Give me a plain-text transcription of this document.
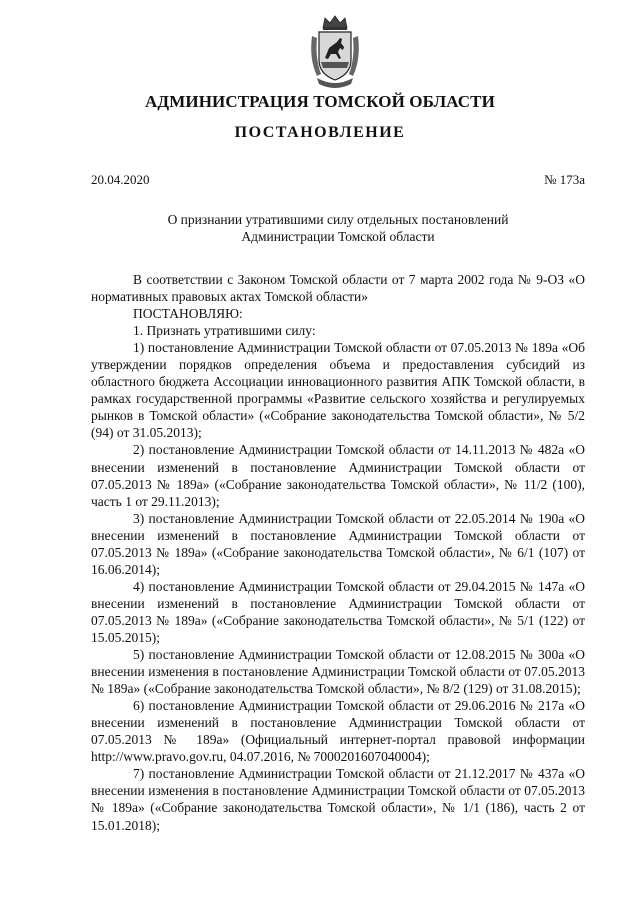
АДМИНИСТРАЦИЯ ТОМСКОЙ ОБЛАСТИ
ПОСТАНОВЛЕНИЕ
20.04.2020	№ 173а
О признании утратившими силу отдельных постановлений
Администрации Томской области

В соответствии с Законом Томской области от 7 марта 2002 года № 9-ОЗ «О нормативных правовых актах Томской области»

ПОСТАНОВЛЯЮ:

1. Признать утратившими силу:

1) постановление Администрации Томской области от 07.05.2013 № 189а «Об утверждении порядков определения объема и предоставления субсидий из областного бюджета Ассоциации инновационного развития АПК Томской области, в рамках государственной программы «Развитие сельского хозяйства и регулируемых рынков в Томской области» («Собрание законодательства Томской области», № 5/2 (94) от 31.05.2013);

2) постановление Администрации Томской области от 14.11.2013 № 482а «О внесении изменений в постановление Администрации Томской области от 07.05.2013 № 189а» («Собрание законодательства Томской области», № 11/2 (100), часть 1 от 29.11.2013);

3) постановление Администрации Томской области от 22.05.2014 № 190а «О внесении изменений в постановление Администрации Томской области от 07.05.2013 № 189а» («Собрание законодательства Томской области», № 6/1 (107) от 16.06.2014);

4) постановление Администрации Томской области от 29.04.2015 № 147а «О внесении изменений в постановление Администрации Томской области от 07.05.2013 № 189а» («Собрание законодательства Томской области», № 5/1 (122) от 15.05.2015);

5) постановление Администрации Томской области от 12.08.2015 № 300а «О внесении изменения в постановление Администрации Томской области от 07.05.2013 № 189а» («Собрание законодательства Томской области», № 8/2 (129) от 31.08.2015);

6) постановление Администрации Томской области от 29.06.2016 № 217а «О внесении изменений в постановление Администрации Томской области от 07.05.2013 № 189а» (Официальный интернет-портал правовой информации http://www.pravo.gov.ru, 04.07.2016, № 7000201607040004);

7) постановление Администрации Томской области от 21.12.2017 № 437а «О внесении изменения в постановление Администрации Томской области от 07.05.2013 № 189а» («Собрание законодательства Томской области», № 1/1 (186), часть 2 от 15.01.2018);
